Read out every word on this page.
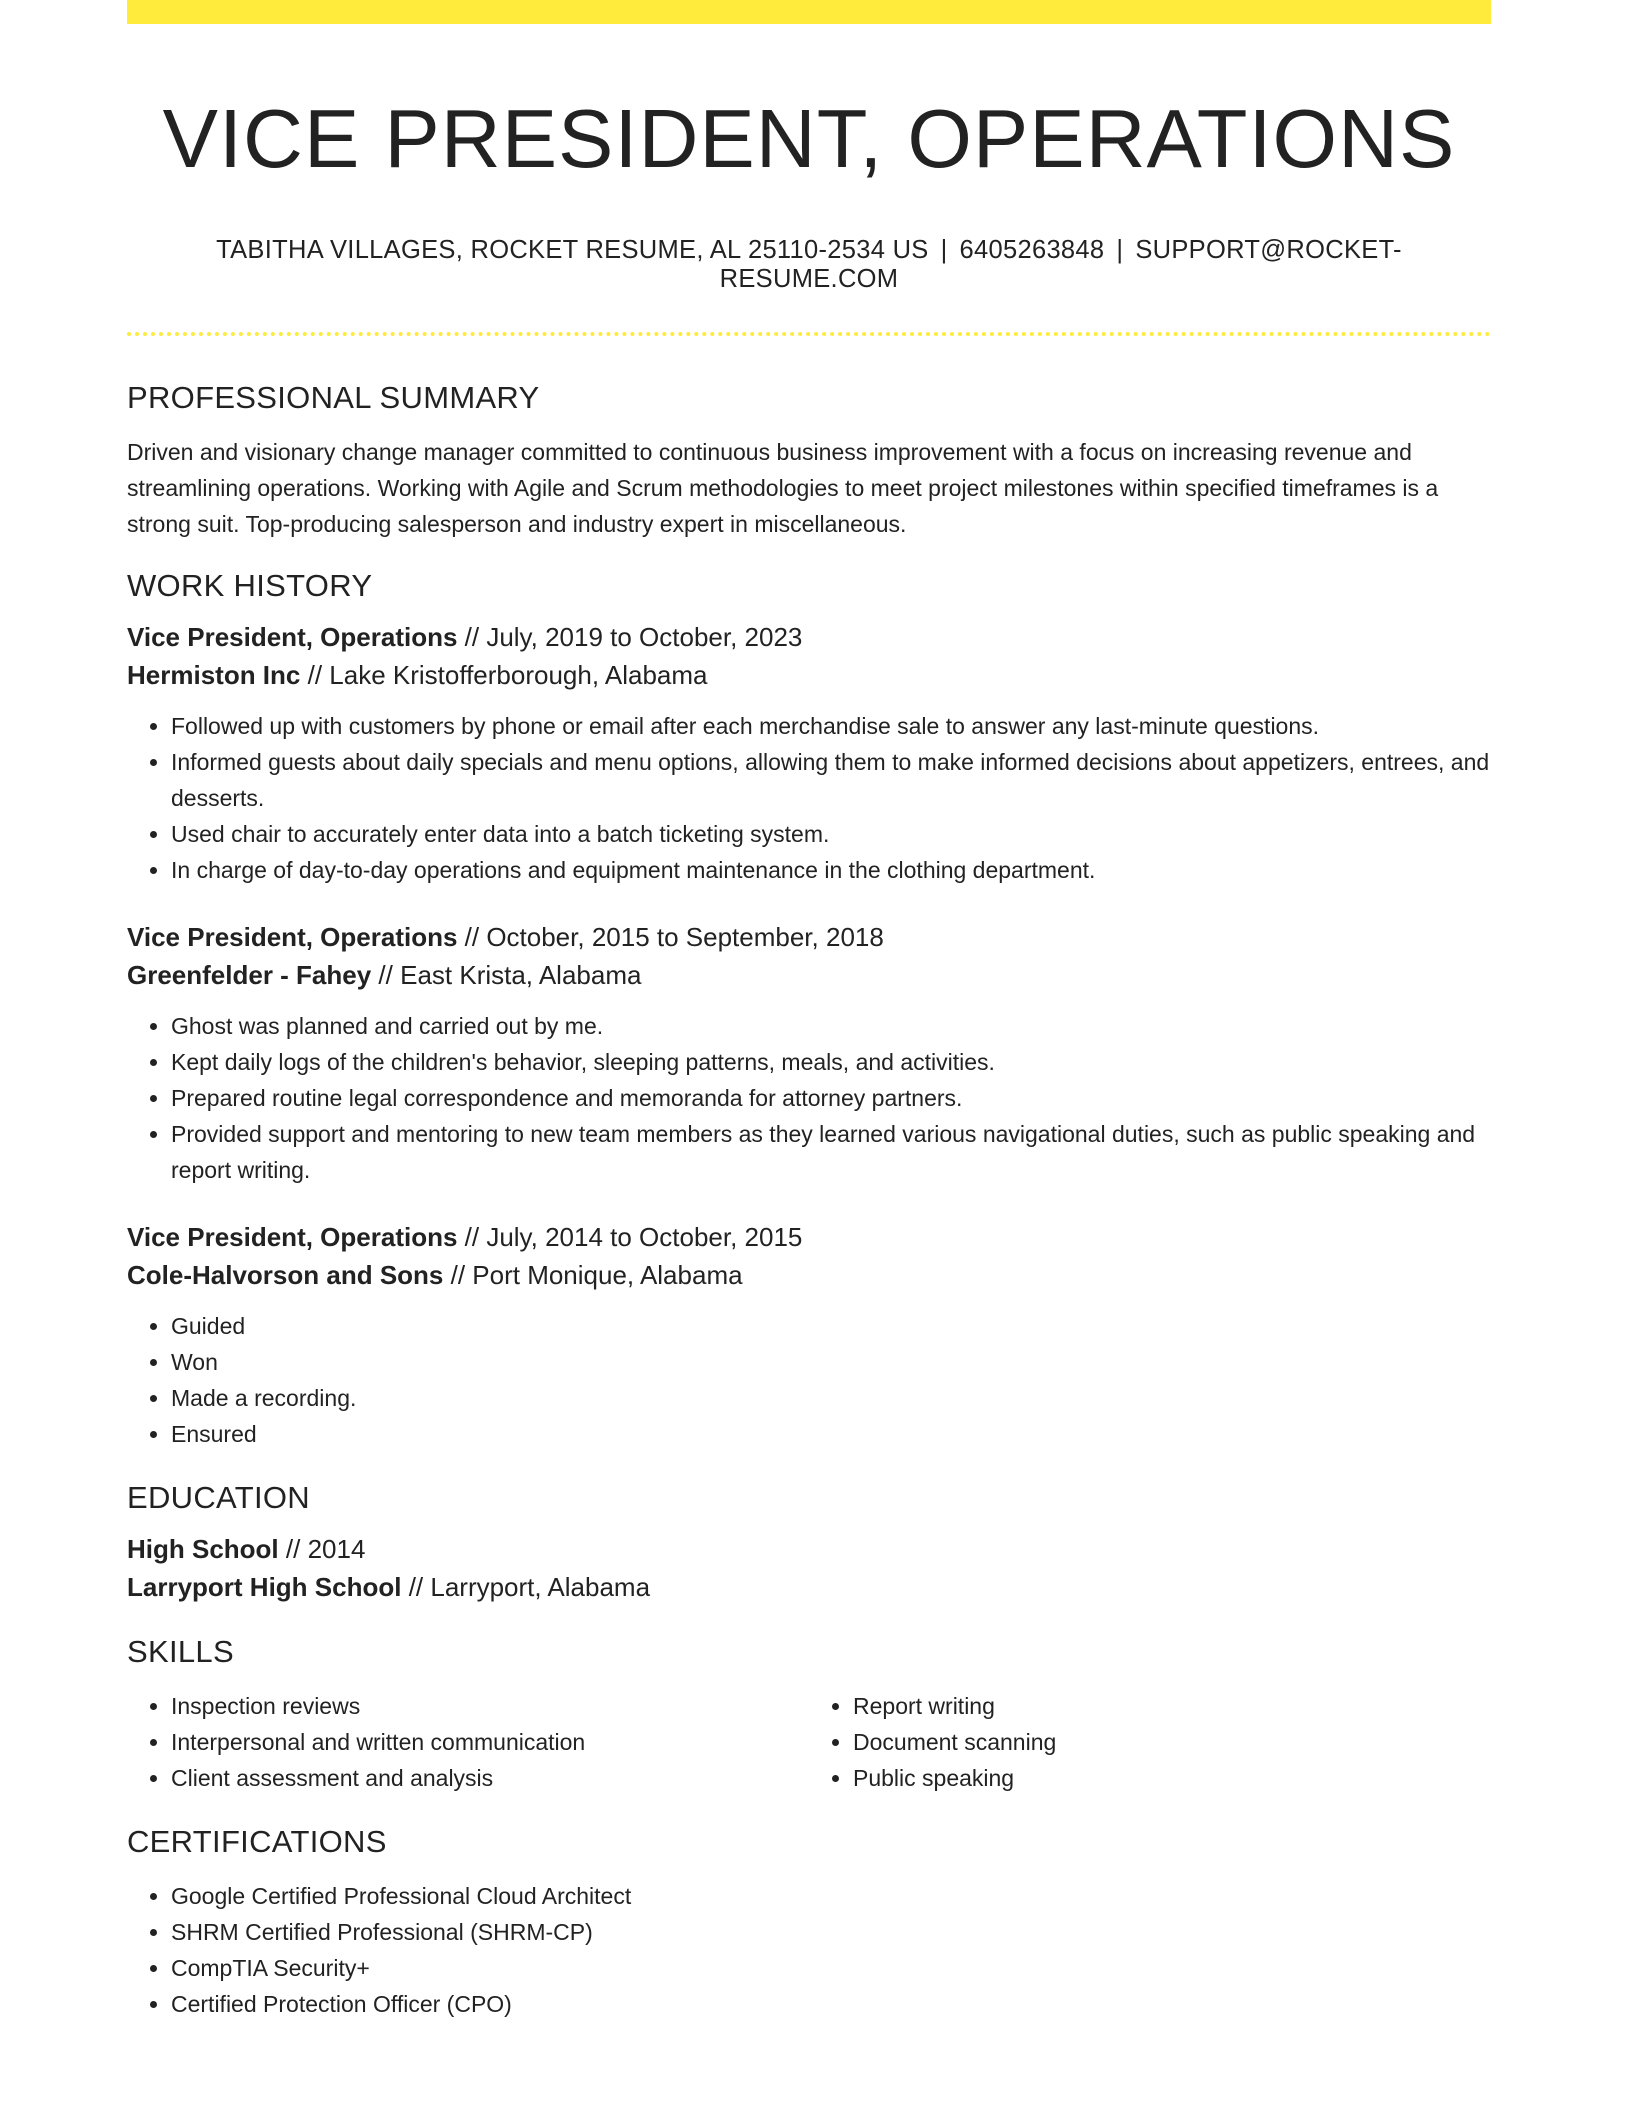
VICE PRESIDENT, OPERATIONS
TABITHA VILLAGES, ROCKET RESUME, AL 25110-2534 US | 6405263848 | SUPPORT@ROCKET-RESUME.COM
PROFESSIONAL SUMMARY

Driven and visionary change manager committed to continuous business improvement with a focus on increasing revenue and streamlining operations. Working with Agile and Scrum methodologies to meet project milestones within specified timeframes is a strong suit. Top-producing salesperson and industry expert in miscellaneous.

WORK HISTORY
Vice President, Operations // July, 2019 to October, 2023
Hermiston Inc // Lake Kristofferborough, Alabama
• Followed up with customers by phone or email after each merchandise sale to answer any last-minute questions.
• Informed guests about daily specials and menu options, allowing them to make informed decisions about appetizers, entrees, and desserts.
• Used chair to accurately enter data into a batch ticketing system.
• In charge of day-to-day operations and equipment maintenance in the clothing department.
Vice President, Operations // October, 2015 to September, 2018
Greenfelder - Fahey // East Krista, Alabama
• Ghost was planned and carried out by me.
• Kept daily logs of the children's behavior, sleeping patterns, meals, and activities.
• Prepared routine legal correspondence and memoranda for attorney partners.
• Provided support and mentoring to new team members as they learned various navigational duties, such as public speaking and report writing.
Vice President, Operations // July, 2014 to October, 2015
Cole-Halvorson and Sons // Port Monique, Alabama
• Guided
• Won
• Made a recording.
• Ensured
EDUCATION
High School // 2014
Larryport High School // Larryport, Alabama
SKILLS
• Inspection reviews
• Interpersonal and written communication
• Client assessment and analysis
• Report writing
• Document scanning
• Public speaking
CERTIFICATIONS
• Google Certified Professional Cloud Architect
• SHRM Certified Professional (SHRM-CP)
• CompTIA Security+
• Certified Protection Officer (CPO)
